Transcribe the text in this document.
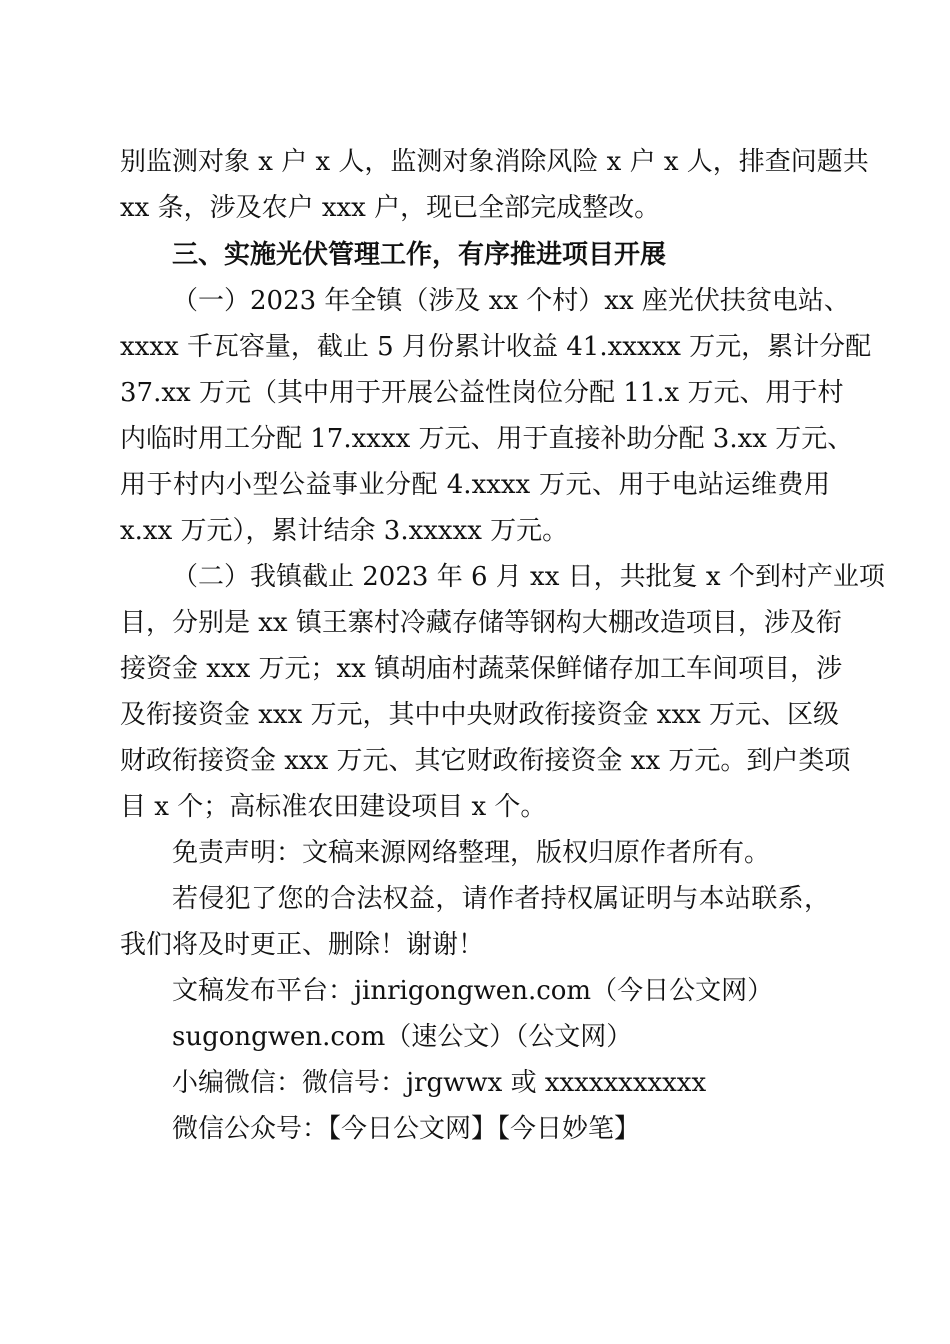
别监测对象 x 户 x 人，监测对象消除风险 x 户 x 人，排查问题共
xx 条，涉及农户 xxx 户，现已全部完成整改。
三、实施光伏管理工作，有序推进项目开展
（一）2023 年全镇（涉及 xx 个村）xx 座光伏扶贫电站、
xxxx 千瓦容量，截止 5 月份累计收益 41.xxxxx 万元，累计分配
37.xx 万元（其中用于开展公益性岗位分配 11.x 万元、用于村
内临时用工分配 17.xxxx 万元、用于直接补助分配 3.xx 万元、
用于村内小型公益事业分配 4.xxxx 万元、用于电站运维费用
x.xx 万元），累计结余 3.xxxxx 万元。
（二）我镇截止 2023 年 6 月 xx 日，共批复 x 个到村产业项
目，分别是 xx 镇王寨村冷藏存储等钢构大棚改造项目，涉及衔
接资金 xxx 万元；xx 镇胡庙村蔬菜保鲜储存加工车间项目，涉
及衔接资金 xxx 万元，其中中央财政衔接资金 xxx 万元、区级
财政衔接资金 xxx 万元、其它财政衔接资金 xx 万元。到户类项
目 x 个；高标准农田建设项目 x 个。
免责声明：文稿来源网络整理，版权归原作者所有。
若侵犯了您的合法权益，请作者持权属证明与本站联系，
我们将及时更正、删除！谢谢！
文稿发布平台：jinrigongwen.com（今日公文网）
sugongwen.com（速公文）（公文网）
小编微信：微信号：jrgwwx 或 xxxxxxxxxxx
微信公众号：【今日公文网】【今日妙笔】
